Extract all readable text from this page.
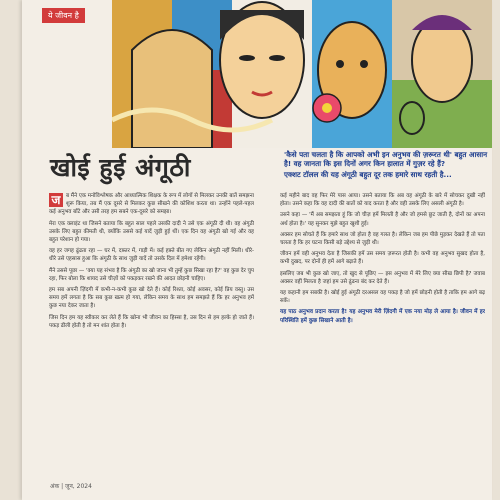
ये जीवन है
खोई हुई अंगूठी	'कैसे पता चलता है कि आपको अभी इन अनुभव की ज़रूरत थी' बहुत आसान है! वह जानता कि इस दिनों अगर किन हालात में गुज़र रहे हैं?
एक्शट टॉलल की यह अंगूठी बहुत दूर तक हमारे साथ रहती है...
ज	ब मैंने एक मनोविश्लेषक और आध्यात्मिक शिक्षक के रूप में लोगों से मिलकर उनकी बातें समझना शुरू किया, तब मैं एक दूसरे से मिलकर कुछ सीखने की कोशिश करता था। उन्होंने पहले-पहल कई अनुभव बाँटे और उसी तरह हम सबने एक-दूसरे को समझा।

मेरा एक क्लाइंट था जिसने बताया कि बहुत साल पहले उसकी दादी ने उसे एक अंगूठी दी थी। वह अंगूठी उसके लिए बहुत कीमती थी, क्योंकि उससे कई यादें जुड़ी हुई थीं। एक दिन वह अंगूठी खो गई और वह बहुत परेशान हो गया।

वह हर जगह ढूंढता रहा — घर में, दफ़्तर में, गाड़ी में। कई हफ़्ते बीत गए लेकिन अंगूठी नहीं मिली। धीरे-धीरे उसे एहसास हुआ कि अंगूठी के साथ जुड़ी यादें तो उसके दिल में हमेशा रहेंगी।

मैंने उससे पूछा — 'क्या यह संभव है कि अंगूठी का खो जाना भी तुम्हें कुछ सिखा रहा है?' वह कुछ देर चुप रहा, फिर बोला कि शायद उसे चीज़ों को पकड़कर रखने की आदत छोड़नी चाहिए।

हम सब अपनी ज़िंदगी में कभी-न-कभी कुछ खो देते हैं। कोई रिश्ता, कोई अवसर, कोई प्रिय वस्तु। उस समय हमें लगता है कि सब कुछ खत्म हो गया, लेकिन समय के साथ हम समझते हैं कि हर अनुभव हमें कुछ नया देकर जाता है।

जिस दिन हम यह स्वीकार कर लेते हैं कि खोना भी जीवन का हिस्सा है, उस दिन से हम हल्के हो जाते हैं। पकड़ ढीली होती है तो मन शांत होता है।

कई महीने बाद वह फिर मेरे पास आया। उसने बताया कि अब वह अंगूठी के बारे में सोचकर दुखी नहीं होता। उसने कहा कि वह दादी की बातों को याद करता है और वही उसके लिए असली अंगूठी है।

उसने कहा — 'मैं अब समझता हूं कि जो चीज़ हमें मिलती है और जो हमसे छूट जाती है, दोनों का अपना अर्थ होता है।' यह सुनकर मुझे बहुत खुशी हुई।

अक्सर हम सोचते हैं कि हमारे साथ जो होता है वह गलत है। लेकिन जब हम पीछे मुड़कर देखते हैं तो पता चलता है कि हर घटना किसी बड़े उद्देश्य से जुड़ी थी।

जीवन हमें वही अनुभव देता है जिसकी हमें उस समय ज़रूरत होती है। कभी वह अनुभव सुखद होता है, कभी दुखद, पर दोनों ही हमें आगे बढ़ाते हैं।

इसलिए जब भी कुछ खो जाए, तो खुद से पूछिए — इस अनुभव में मेरे लिए क्या सीख छिपी है? जवाब अक्सर वहीं मिलता है जहां हम उसे ढूंढना बंद कर देते हैं।

यह कहानी हम सबकी है। खोई हुई अंगूठी दरअसल वह पकड़ है जो हमें छोड़नी होती है ताकि हम आगे बढ़ सकें।

यह पाठ अनुभव प्रदान करता है! यह अनुभव मेरी ज़िंदगी में एक नया मोड़ ले आया है। जीवन में हर परिस्थिति हमें कुछ सिखाने आती है।

अंक | जून, 2024
